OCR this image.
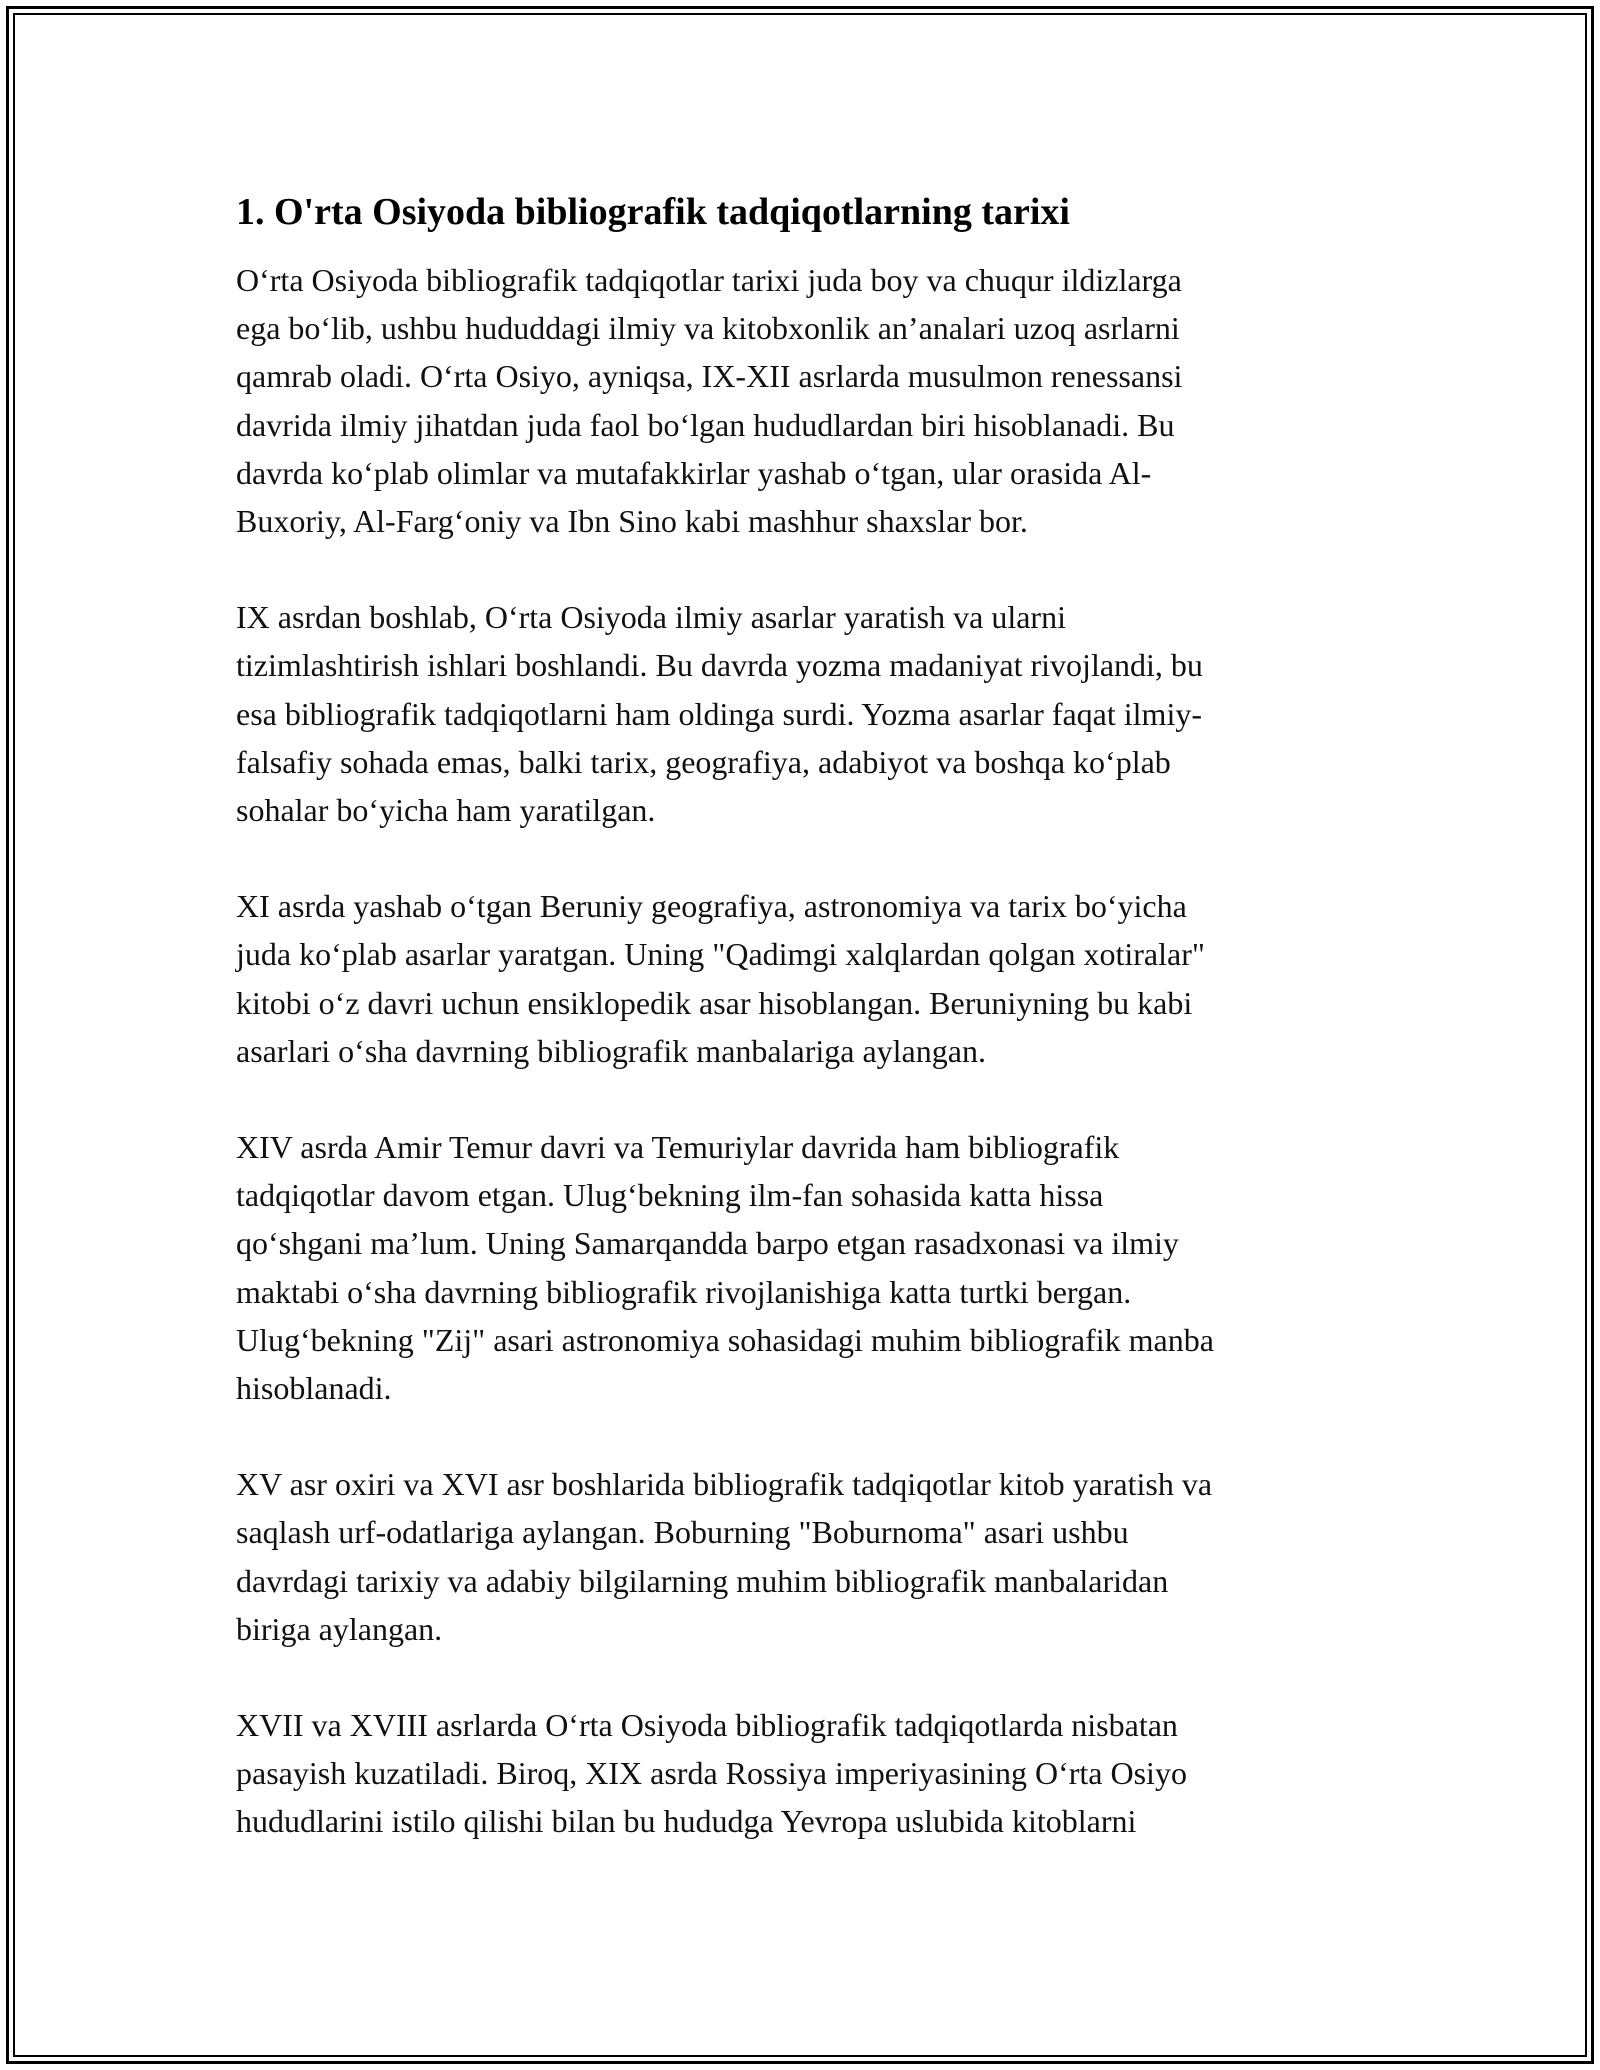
1. O'rta Osiyoda bibliografik tadqiqotlarning tarixi
O‘rta Osiyoda bibliografik tadqiqotlar tarixi juda boy va chuqur ildizlarga
ega bo‘lib, ushbu hududdagi ilmiy va kitobxonlik an’analari uzoq asrlarni
qamrab oladi. O‘rta Osiyo, ayniqsa, IX-XII asrlarda musulmon renessansi
davrida ilmiy jihatdan juda faol bo‘lgan hududlardan biri hisoblanadi. Bu
davrda ko‘plab olimlar va mutafakkirlar yashab o‘tgan, ular orasida Al-
Buxoriy, Al-Farg‘oniy va Ibn Sino kabi mashhur shaxslar bor.
IX asrdan boshlab, O‘rta Osiyoda ilmiy asarlar yaratish va ularni
tizimlashtirish ishlari boshlandi. Bu davrda yozma madaniyat rivojlandi, bu
esa bibliografik tadqiqotlarni ham oldinga surdi. Yozma asarlar faqat ilmiy-
falsafiy sohada emas, balki tarix, geografiya, adabiyot va boshqa ko‘plab
sohalar bo‘yicha ham yaratilgan.
XI asrda yashab o‘tgan Beruniy geografiya, astronomiya va tarix bo‘yicha
juda ko‘plab asarlar yaratgan. Uning "Qadimgi xalqlardan qolgan xotiralar"
kitobi o‘z davri uchun ensiklopedik asar hisoblangan. Beruniyning bu kabi
asarlari o‘sha davrning bibliografik manbalariga aylangan.
XIV asrda Amir Temur davri va Temuriylar davrida ham bibliografik
tadqiqotlar davom etgan. Ulug‘bekning ilm-fan sohasida katta hissa
qo‘shgani ma’lum. Uning Samarqandda barpo etgan rasadxonasi va ilmiy
maktabi o‘sha davrning bibliografik rivojlanishiga katta turtki bergan.
Ulug‘bekning "Zij" asari astronomiya sohasidagi muhim bibliografik manba
hisoblanadi.
XV asr oxiri va XVI asr boshlarida bibliografik tadqiqotlar kitob yaratish va
saqlash urf-odatlariga aylangan. Boburning "Boburnoma" asari ushbu
davrdagi tarixiy va adabiy bilgilarning muhim bibliografik manbalaridan
biriga aylangan.
XVII va XVIII asrlarda O‘rta Osiyoda bibliografik tadqiqotlarda nisbatan
pasayish kuzatiladi. Biroq, XIX asrda Rossiya imperiyasining O‘rta Osiyo
hududlarini istilo qilishi bilan bu hududga Yevropa uslubida kitoblarni
